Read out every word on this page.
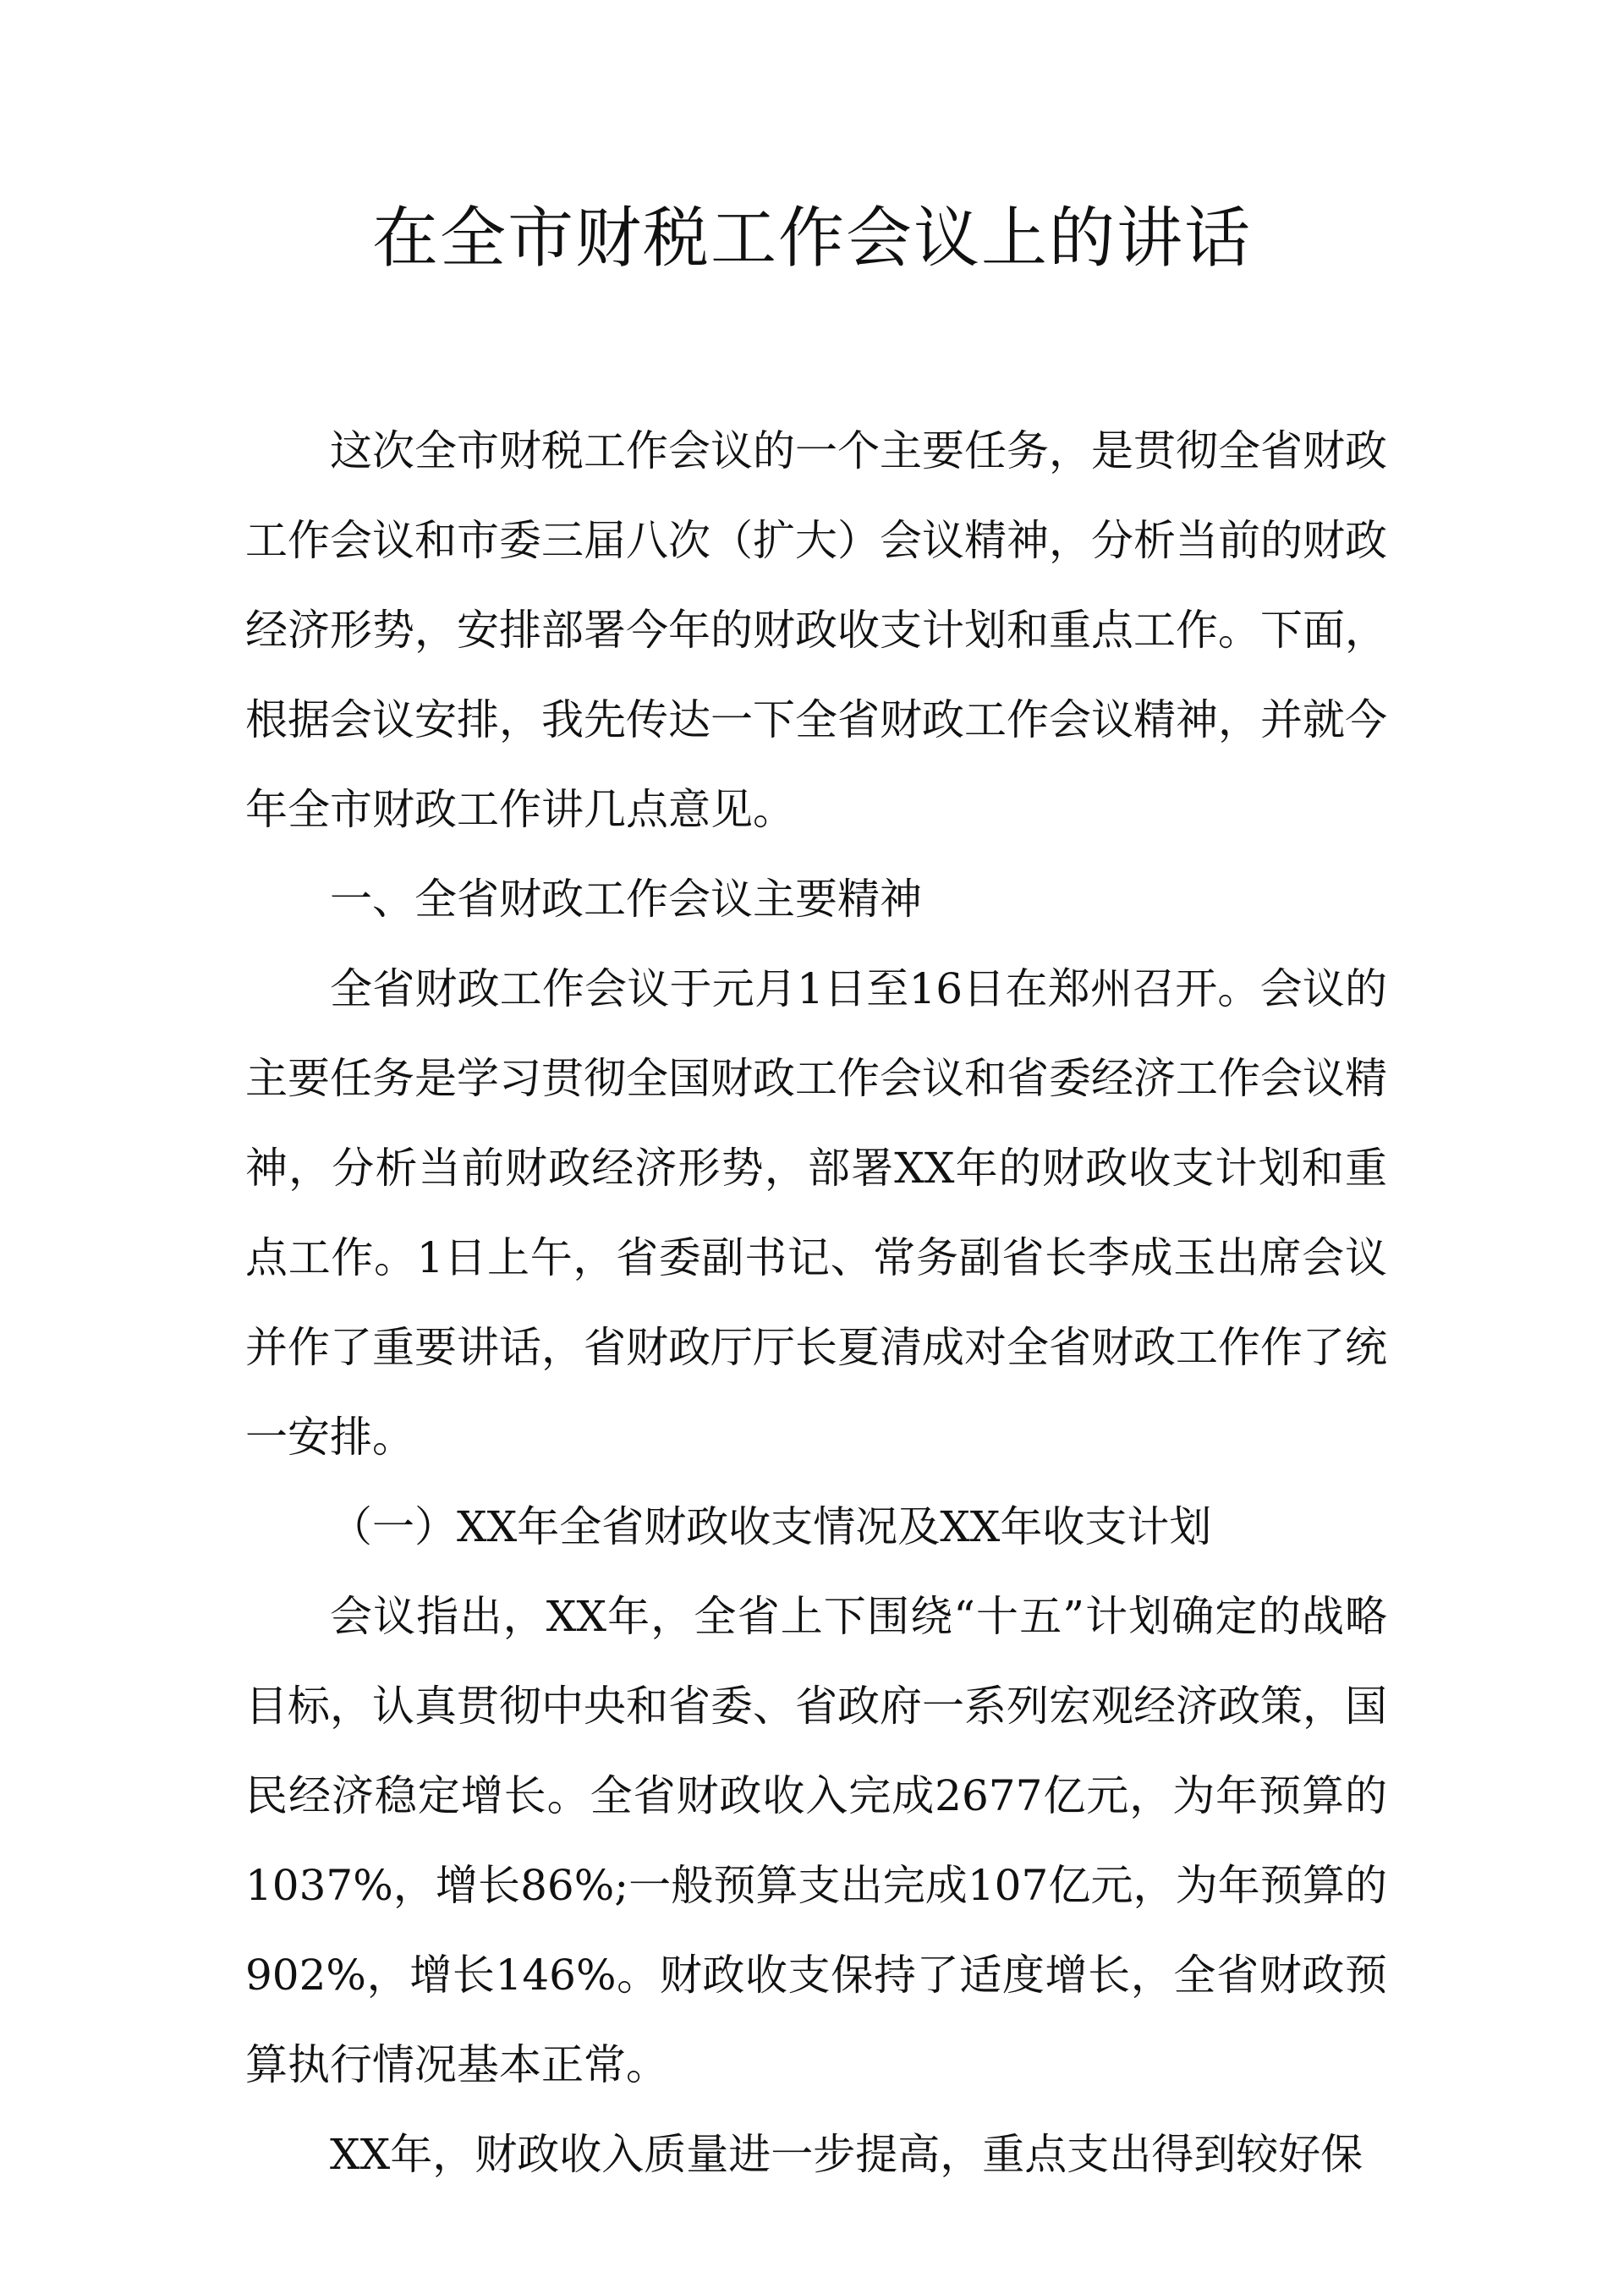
在全市财税工作会议上的讲话

这次全市财税工作会议的一个主要任务，是贯彻全省财政工作会议和市委三届八次（扩大）会议精神，分析当前的财政经济形势，安排部署今年的财政收支计划和重点工作。下面，根据会议安排，我先传达一下全省财政工作会议精神，并就今年全市财政工作讲几点意见。

一、全省财政工作会议主要精神

全省财政工作会议于元月1日至16日在郑州召开。会议的主要任务是学习贯彻全国财政工作会议和省委经济工作会议精神，分析当前财政经济形势，部署XX年的财政收支计划和重点工作。1日上午，省委副书记、常务副省长李成玉出席会议并作了重要讲话，省财政厅厅长夏清成对全省财政工作作了统一安排。

（一）XX年全省财政收支情况及XX年收支计划

会议指出，XX年，全省上下围绕“十五”计划确定的战略目标，认真贯彻中央和省委、省政府一系列宏观经济政策，国民经济稳定增长。全省财政收入完成2677亿元，为年预算的1037%，增长86%;一般预算支出完成107亿元，为年预算的902%，增长146%。财政收支保持了适度增长，全省财政预算执行情况基本正常。

XX年，财政收入质量进一步提高，重点支出得到较好保
